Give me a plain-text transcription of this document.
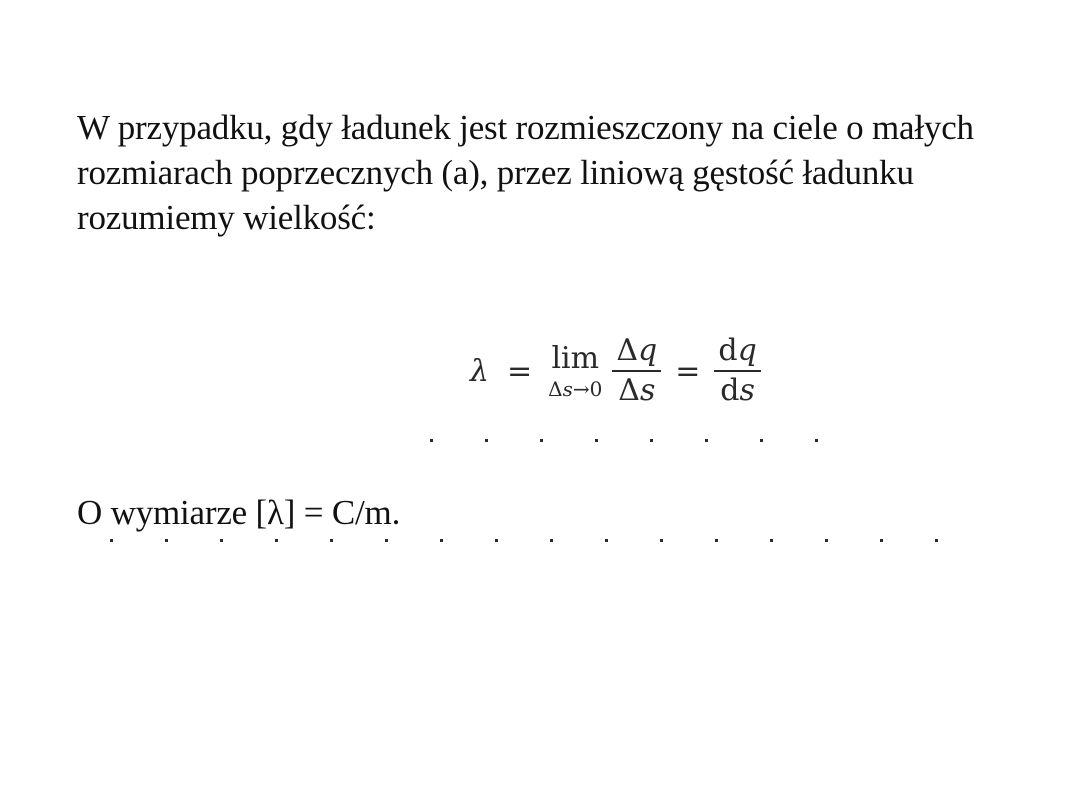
W przypadku, gdy ładunek jest rozmieszczony na ciele o małych
rozmiarach poprzecznych (a), przez liniową gęstość ładunku
rozumiemy wielkość:
λ = lim
$\Delta s\to 0 \frac{\Delta q}{\Delta s} = \frac{dq}{ds}$
O wymiarze [λ] = C/m.
